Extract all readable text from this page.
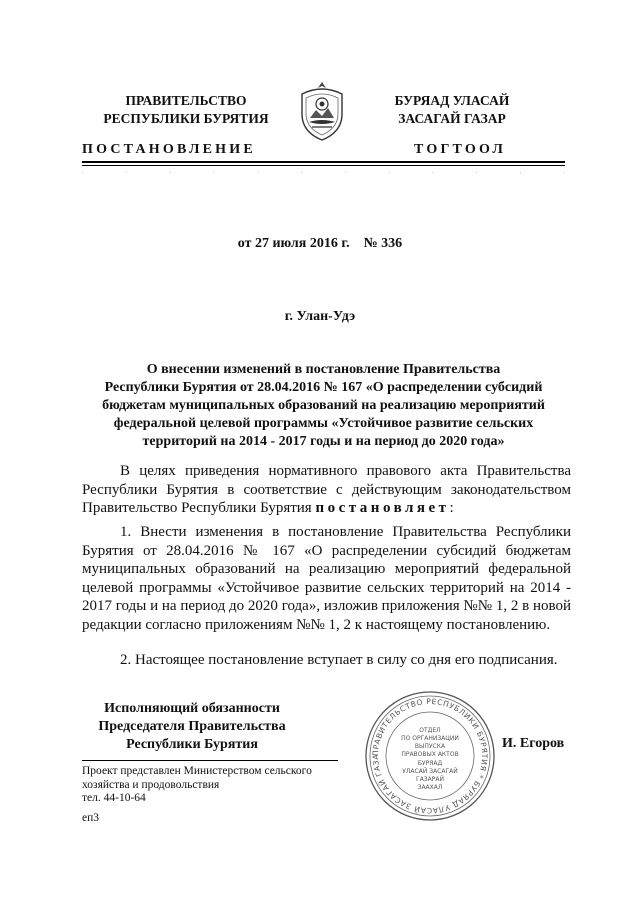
ПРАВИТЕЛЬСТВО
РЕСПУБЛИКИ БУРЯТИЯ
БУРЯАД УЛАСАЙ
ЗАСАГАЙ ГАЗАР
ПОСТАНОВЛЕНИЕ	ТОГТООЛ
.	.	.	.	.	.	.	.	.	.	.	.
от 27 июля 2016 г.    № 336
г. Улан-Удэ
О внесении изменений в постановление Правительства
Республики Бурятия от 28.04.2016 № 167 «О распределении субсидий
бюджетам муниципальных образований на реализацию мероприятий
федеральной целевой программы «Устойчивое развитие сельских
территорий на 2014 - 2017 годы и на период до 2020 года»
В целях приведения нормативного правового акта Правительства Республики Бурятия в соответствие с действующим законодательством Правительство Республики Бурятия постановляет:
1. Внести изменения в постановление Правительства Республики Бурятия от 28.04.2016 № 167 «О распределении субсидий бюджетам муниципальных образований на реализацию мероприятий федеральной целевой программы «Устойчивое развитие сельских территорий на 2014 - 2017 годы и на период до 2020 года», изложив приложения №№ 1, 2 в новой редакции согласно приложениям №№ 1, 2 к настоящему постановлению.
2. Настоящее постановление вступает в силу со дня его подписания.
Исполняющий обязанности
Председателя Правительства
Республики Бурятия
ПРАВИТЕЛЬСТВО РЕСПУБЛИКИ БУРЯТИЯ * БУРЯАД УЛАСАЙ ЗАСАГАЙ ГАЗА
ОТДЕЛ
ПО ОРГАНИЗАЦИИ
ВЫПУСКА
ПРАВОВЫХ АКТОВ
БУРЯАД
УЛАСАЙ ЗАСАГАЙ
ГАЗАРАЙ
ЗААХАЛ
И. Егоров
Проект представлен Министерством сельского
хозяйства и продовольствия
тел. 44-10-64
еп3
